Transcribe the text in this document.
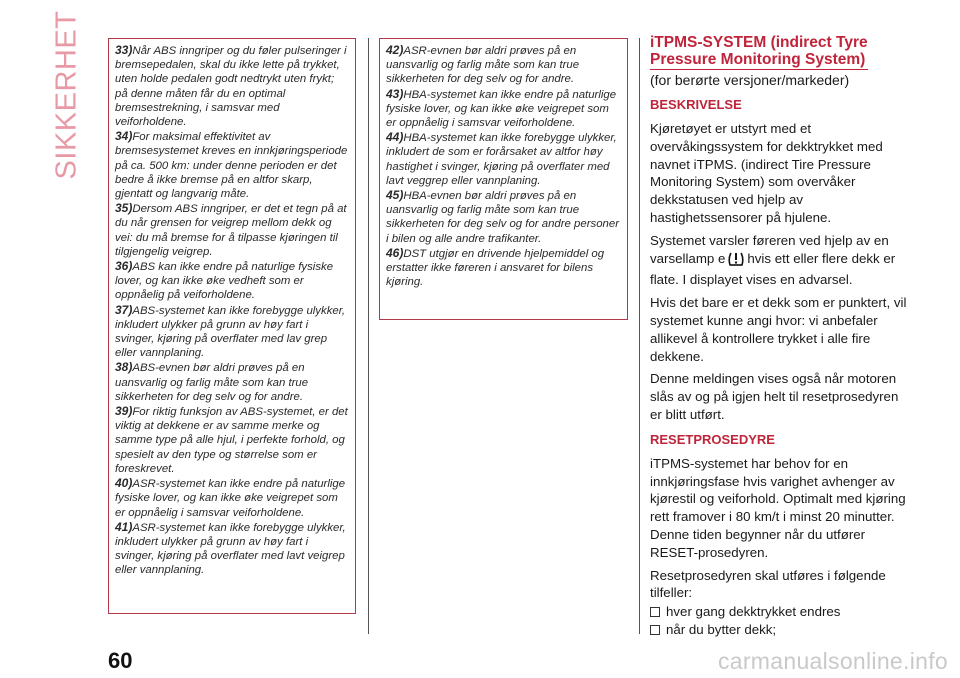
SIKKERHET	33)Når ABS inngriper og du føler pulseringer i bremsepedalen, skal du ikke lette på trykket, uten holde pedalen godt nedtrykt uten frykt; på denne måten får du en optimal bremsestrekning, i samsvar med veiforholdene.

34)For maksimal effektivitet av bremsesystemet kreves en innkjøringsperiode på ca. 500 km: under denne perioden er det bedre å ikke bremse på en altfor skarp, gjentatt og langvarig måte.

35)Dersom ABS inngriper, er det et tegn på at du når grensen for veigrep mellom dekk og vei: du må bremse for å tilpasse kjøringen til tilgjengelig veigrep.

36)ABS kan ikke endre på naturlige fysiske lover, og kan ikke øke vedheft som er oppnåelig på veiforholdene.

37)ABS-systemet kan ikke forebygge ulykker, inkludert ulykker på grunn av høy fart i svinger, kjøring på overflater med lav grep eller vannplaning.

38)ABS-evnen bør aldri prøves på en uansvarlig og farlig måte som kan true sikkerheten for deg selv og for andre.

39)For riktig funksjon av ABS-systemet, er det viktig at dekkene er av samme merke og samme type på alle hjul, i perfekte forhold, og spesielt av den type og størrelse som er foreskrevet.

40)ASR-systemet kan ikke endre på naturlige fysiske lover, og kan ikke øke veigrepet som er oppnåelig i samsvar veiforholdene.

41)ASR-systemet kan ikke forebygge ulykker, inkludert ulykker på grunn av høy fart i svinger, kjøring på overflater med lavt veigrep eller vannplaning.

42)ASR-evnen bør aldri prøves på en uansvarlig og farlig måte som kan true sikkerheten for deg selv og for andre.

43)HBA-systemet kan ikke endre på naturlige fysiske lover, og kan ikke øke veigrepet som er oppnåelig i samsvar veiforholdene.

44)HBA-systemet kan ikke forebygge ulykker, inkludert de som er forårsaket av altfor høy hastighet i svinger, kjøring på overflater med lavt veggrep eller vannplaning.

45)HBA-evnen bør aldri prøves på en uansvarlig og farlig måte som kan true sikkerheten for deg selv og for andre personer i bilen og alle andre trafikanter.

46)DST utgjør en drivende hjelpemiddel og erstatter ikke føreren i ansvaret for bilens kjøring.

iTPMS-SYSTEM (indirect Tyre
Pressure Monitoring System)
(for berørte versjoner/markeder)
BESKRIVELSE

Kjøretøyet er utstyrt med et overvåkingssystem for dekktrykket med navnet iTPMS. (indirect Tire Pressure Monitoring System) som overvåker dekkstatusen ved hjelp av hastighetssensorer på hjulene.

Systemet varsler føreren ved hjelp av en varsellamp e hvis ett eller flere dekk er flate. I displayet vises en advarsel.

Hvis det bare er et dekk som er punktert, vil systemet kunne angi hvor: vi anbefaler allikevel å kontrollere trykket i alle fire dekkene.

Denne meldingen vises også når motoren slås av og på igjen helt til resetprosedyren er blitt utført.

RESETPROSEDYRE

iTPMS-systemet har behov for en innkjøringsfase hvis varighet avhenger av kjørestil og veiforhold. Optimalt med kjøring rett framover i 80 km/t i minst 20 minutter. Denne tiden begynner når du utfører RESET-prosedyren.

Resetprosedyren skal utføres i følgende tilfeller:

hver gang dekktrykket endres
når du bytter dekk;
60	carmanualsonline.info
